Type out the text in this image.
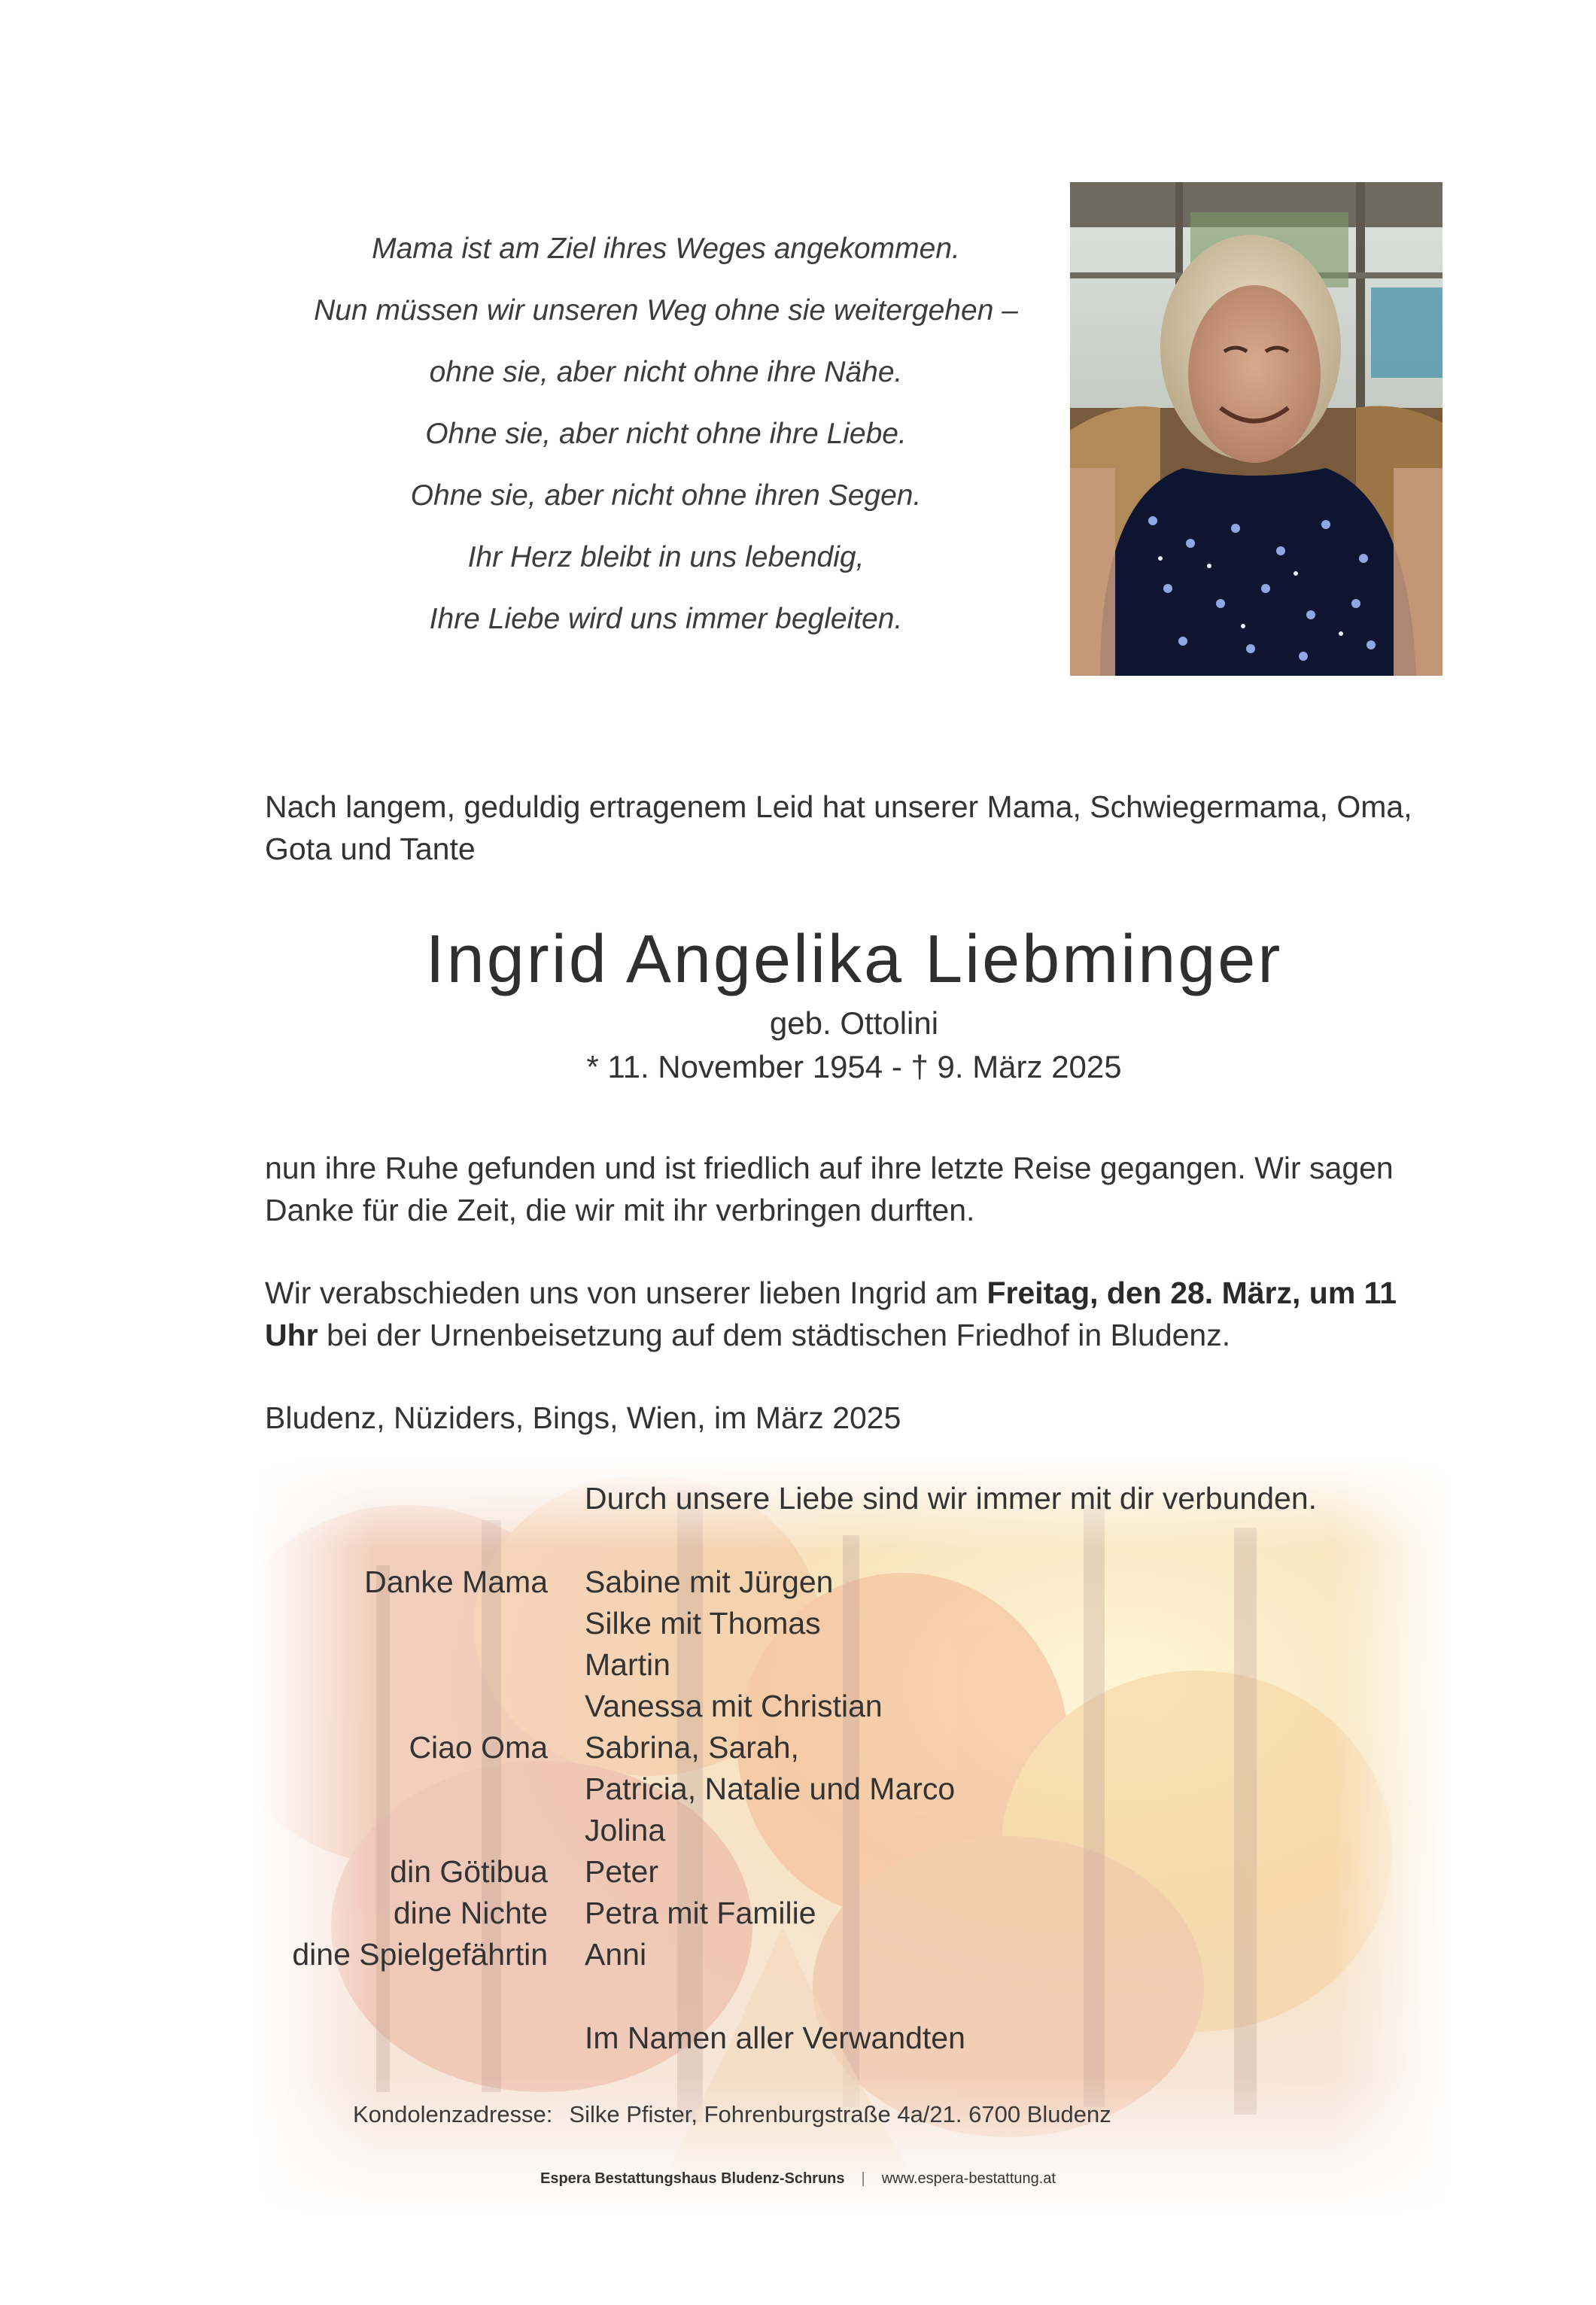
Mama ist am Ziel ihres Weges angekommen.
Nun müssen wir unseren Weg ohne sie weitergehen –
ohne sie, aber nicht ohne ihre Nähe.
Ohne sie, aber nicht ohne ihre Liebe.
Ohne sie, aber nicht ohne ihren Segen.
Ihr Herz bleibt in uns lebendig,
Ihre Liebe wird uns immer begleiten.
Nach langem, geduldig ertragenem Leid hat unserer Mama, Schwiegermama, Oma, Gota und Tante
Ingrid Angelika Liebminger
geb. Ottolini
* 11. November 1954 - † 9. März 2025
nun ihre Ruhe gefunden und ist friedlich auf ihre letzte Reise gegangen. Wir sagen Danke für die Zeit, die wir mit ihr verbringen durften.
Wir verabschieden uns von unserer lieben Ingrid am Freitag, den 28. März, um 11 Uhr bei der Urnenbeisetzung auf dem städtischen Friedhof in Bludenz.
Bludenz, Nüziders, Bings, Wien, im März 2025
Durch unsere Liebe sind wir immer mit dir verbunden.
Danke Mama Sabine mit Jürgen
Silke mit Thomas
Martin
Vanessa mit Christian
Ciao Oma Sabrina, Sarah,
Patricia, Natalie und Marco
Jolina
din Götibua Peter
dine Nichte Petra mit Familie
dine Spielgefährtin Anni
Im Namen aller Verwandten
Kondolenzadresse: Silke Pfister, Fohrenburgstraße 4a/21. 6700 Bludenz
Espera Bestattungshaus Bludenz-Schruns | www.espera-bestattung.at
